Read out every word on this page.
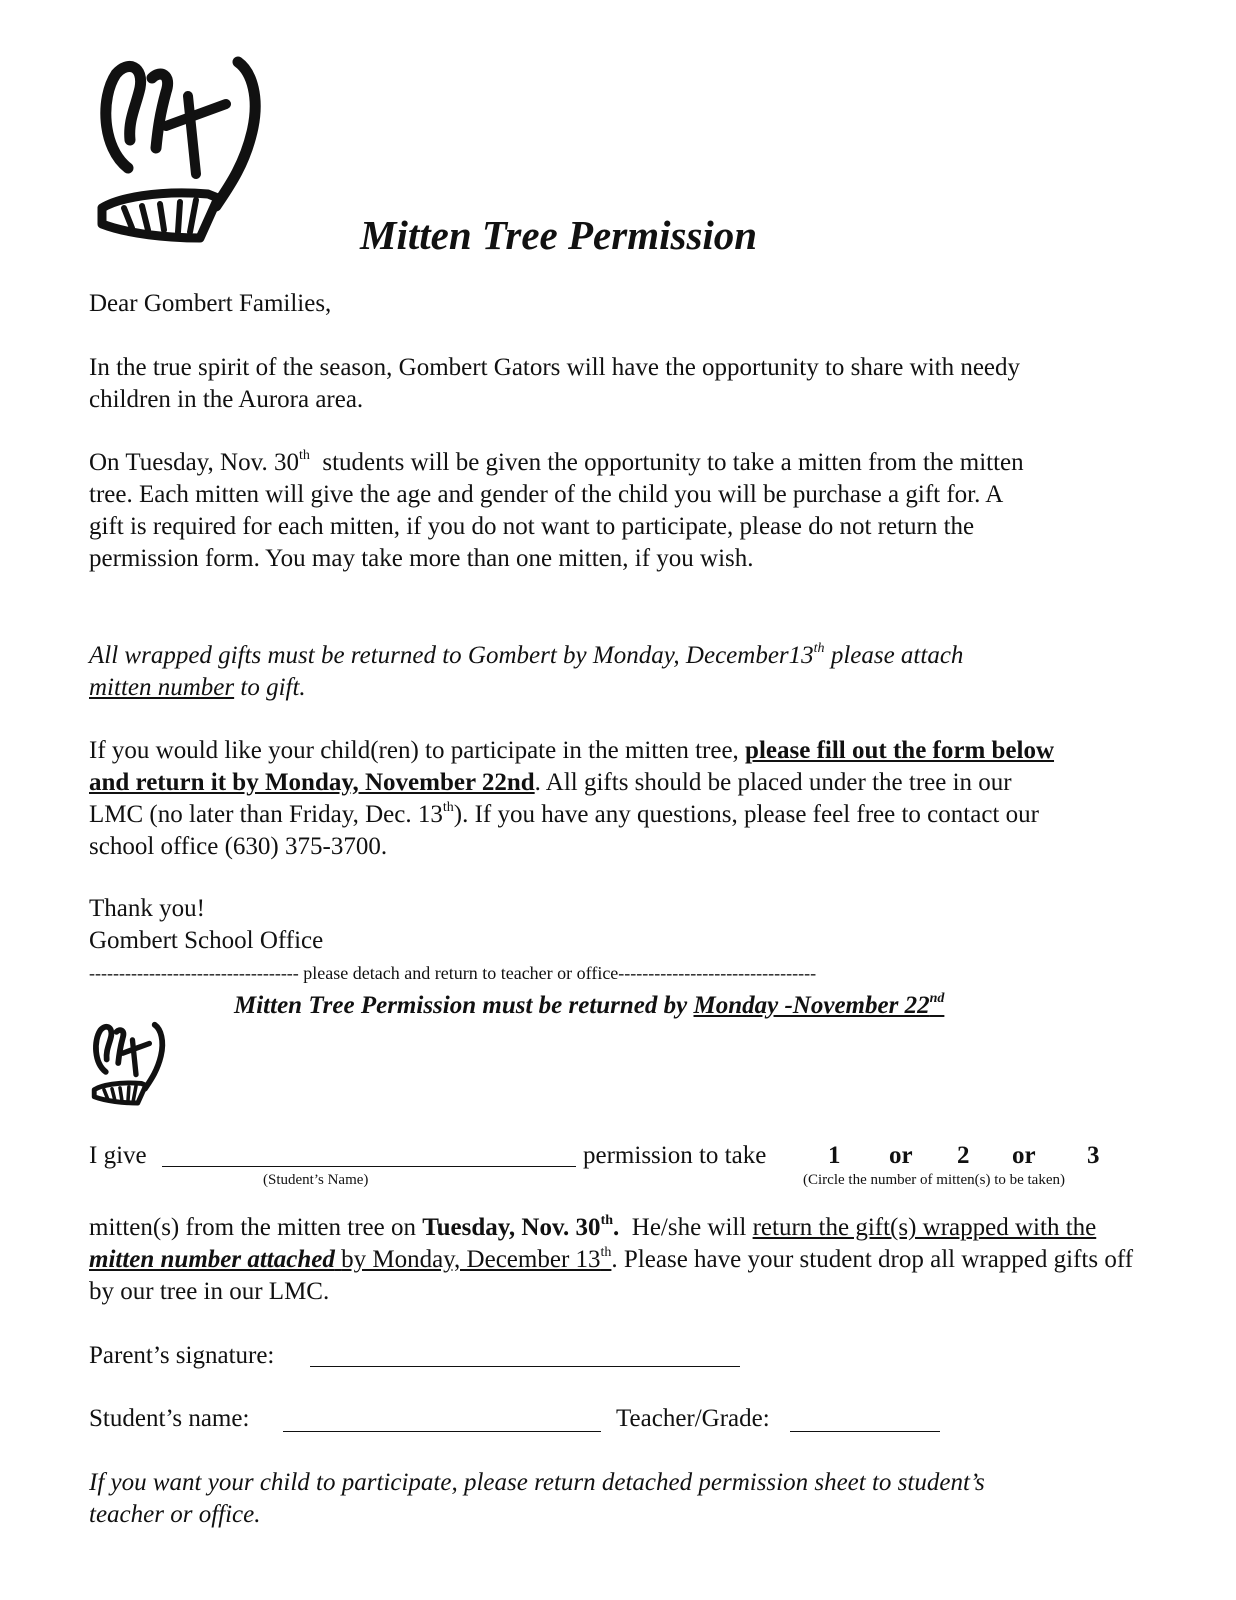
Mitten Tree Permission
Dear Gombert Families,
In the true spirit of the season, Gombert Gators will have the opportunity to share with needy children in the Aurora area.
On Tuesday, Nov. 30th students will be given the opportunity to take a mitten from the mitten tree. Each mitten will give the age and gender of the child you will be purchase a gift for. A gift is required for each mitten, if you do not want to participate, please do not return the permission form. You may take more than one mitten, if you wish.
All wrapped gifts must be returned to Gombert by Monday, December13th please attach mitten number to gift.
If you would like your child(ren) to participate in the mitten tree, please fill out the form below and return it by Monday, November 22nd. All gifts should be placed under the tree in our LMC (no later than Friday, Dec. 13th). If you have any questions, please feel free to contact our school office (630) 375-3700.
Thank you!
Gombert School Office
----------------------------------- please detach and return to teacher or office---------------------------------
Mitten Tree Permission must be returned by Monday -November 22nd
I give
(Student’s Name)
permission to take 1 or 2 or 3
(Circle the number of mitten(s) to be taken)
mitten(s) from the mitten tree on Tuesday, Nov. 30th. He/she will return the gift(s) wrapped with the mitten number attached by Monday, December 13th. Please have your student drop all wrapped gifts off by our tree in our LMC.
Parent’s signature:
Student’s name:	Teacher/Grade:
If you want your child to participate, please return detached permission sheet to student’s teacher or office.
